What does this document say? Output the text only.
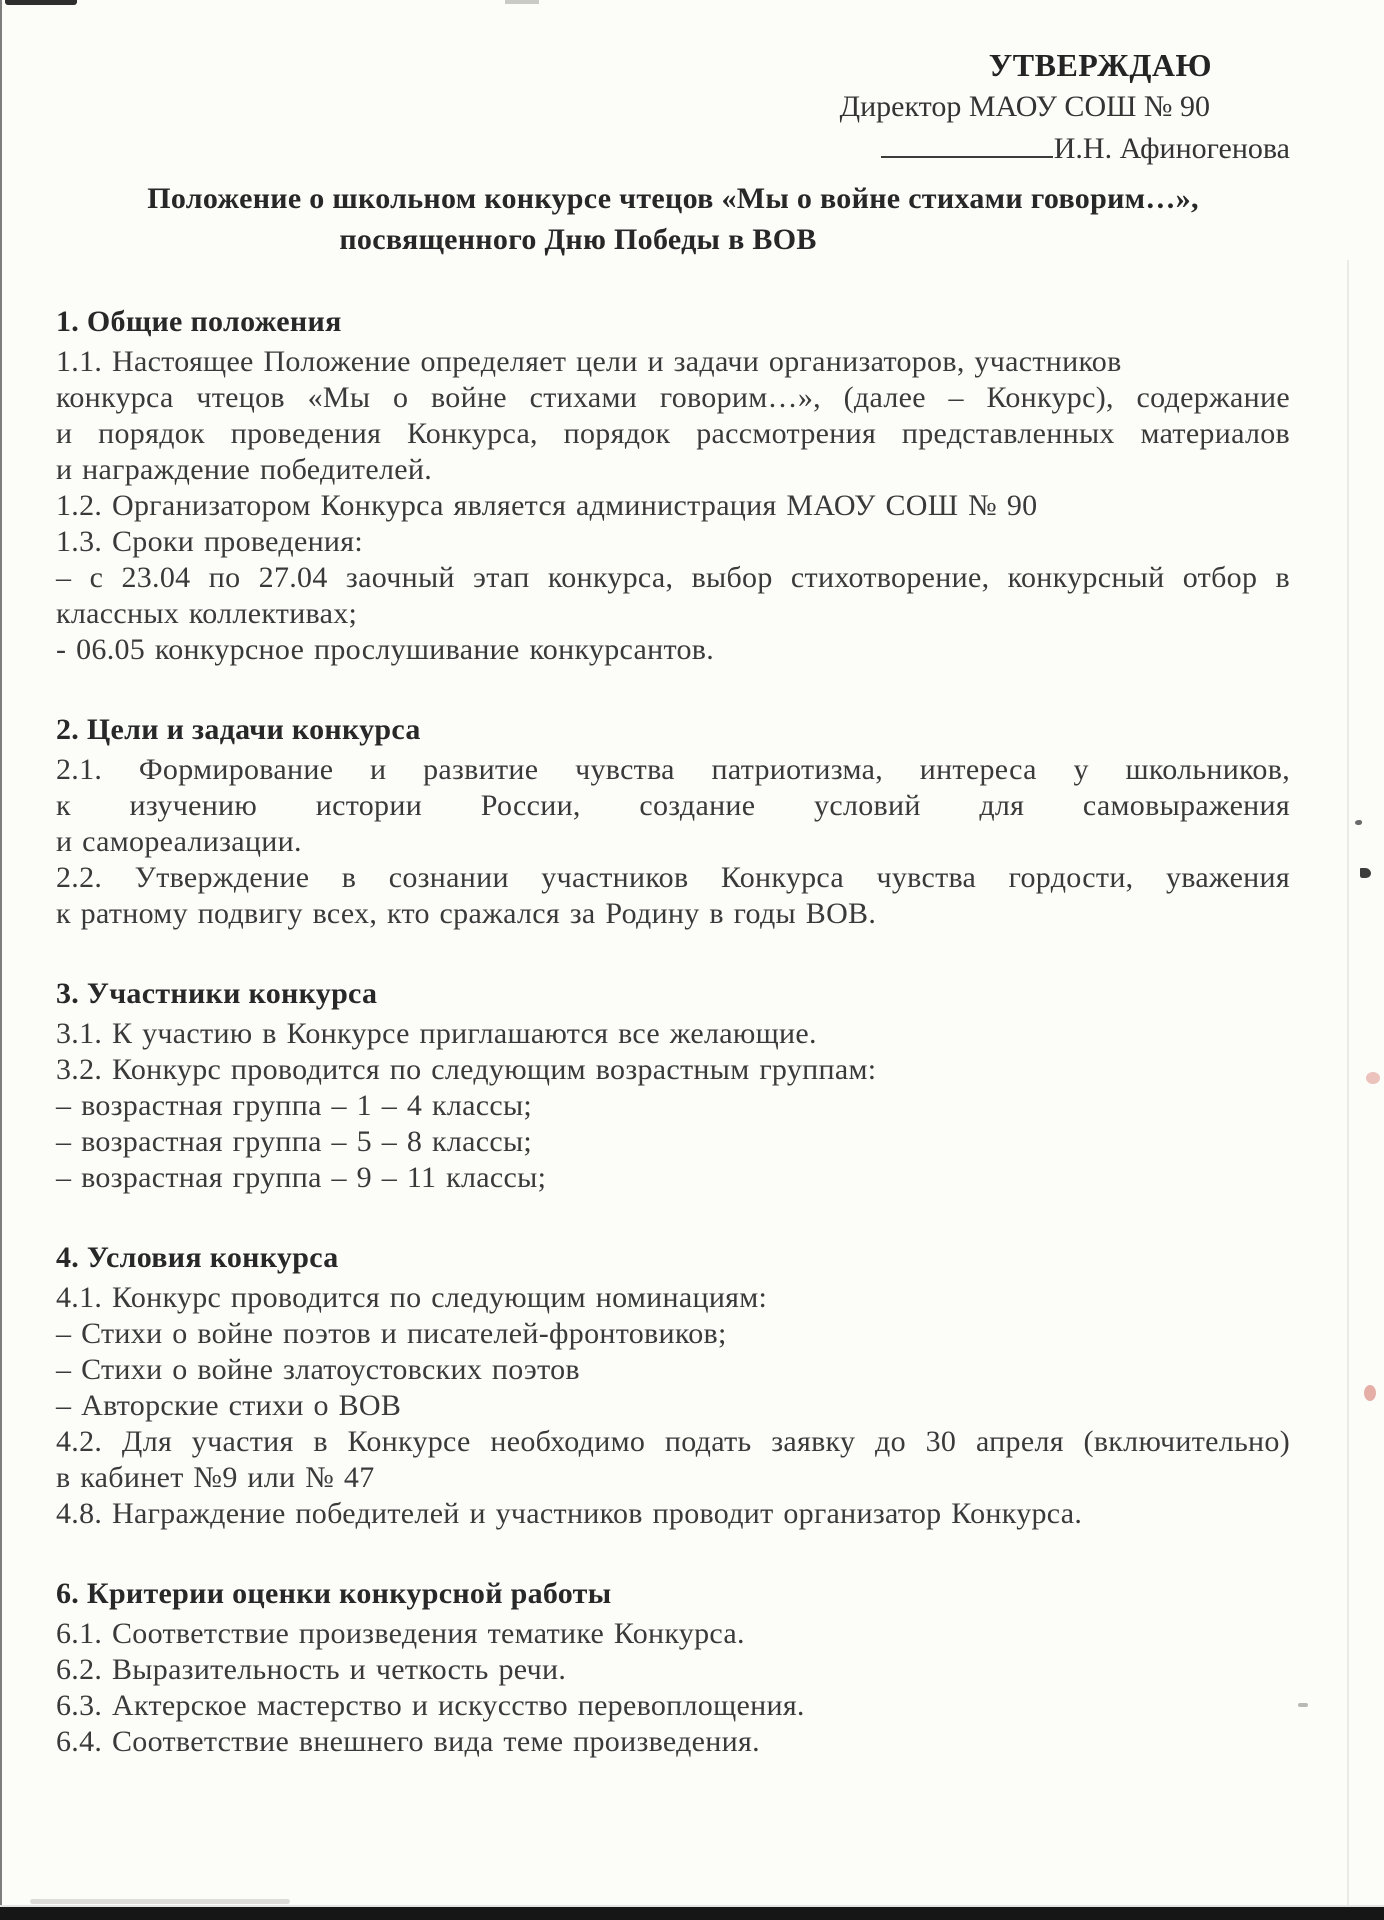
УТВЕРЖДАЮ
Директор МАОУ СОШ № 90
И.Н. Афиногенова
Положение о школьном конкурсе чтецов «Мы о войне стихами говорим…»,
посвященного Дню Победы в ВОВ
1. Общие положения
1.1. Настоящее Положение определяет цели и задачи организаторов, участников
конкурса чтецов «Мы о войне стихами говорим…», (далее – Конкурс), содержание
и порядок проведения Конкурса, порядок рассмотрения представленных материалов
и награждение победителей.
1.2. Организатором Конкурса является администрация МАОУ СОШ № 90
1.3. Сроки проведения:
– с 23.04 по 27.04 заочный этап конкурса, выбор стихотворение, конкурсный отбор в
классных коллективах;
- 06.05 конкурсное прослушивание конкурсантов.
2. Цели и задачи конкурса
2.1. Формирование и развитие чувства патриотизма, интереса у школьников,
к изучению истории России, создание условий для самовыражения
и самореализации.
2.2. Утверждение в сознании участников Конкурса чувства гордости, уважения
к ратному подвигу всех, кто сражался за Родину в годы ВОВ.
3. Участники конкурса
3.1. К участию в Конкурсе приглашаются все желающие.
3.2. Конкурс проводится по следующим возрастным группам:
– возрастная группа – 1 – 4 классы;
– возрастная группа – 5 – 8 классы;
– возрастная группа – 9 – 11 классы;
4. Условия конкурса
4.1. Конкурс проводится по следующим номинациям:
– Стихи о войне поэтов и писателей-фронтовиков;
– Стихи о войне златоустовских поэтов
– Авторские стихи о ВОВ
4.2. Для участия в Конкурсе необходимо подать заявку до 30 апреля (включительно)
в кабинет №9 или № 47
4.8. Награждение победителей и участников проводит организатор Конкурса.
6. Критерии оценки конкурсной работы
6.1. Соответствие произведения тематике Конкурса.
6.2. Выразительность и четкость речи.
6.3. Актерское мастерство и искусство перевоплощения.
6.4. Соответствие внешнего вида теме произведения.
